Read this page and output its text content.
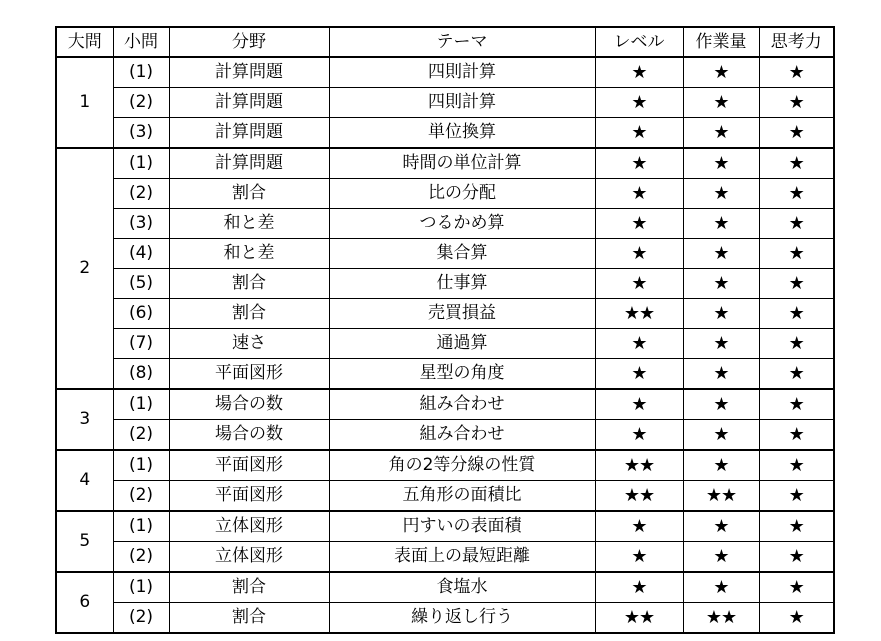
大問	小問	分野	テーマ	レベル	作業量	思考力
1	(1)	計算問題	四則計算	★	★	★
	(2)	計算問題	四則計算	★	★	★
	(3)	計算問題	単位換算	★	★	★
2	(1)	計算問題	時間の単位計算	★	★	★
	(2)	割合	比の分配	★	★	★
	(3)	和と差	つるかめ算	★	★	★
	(4)	和と差	集合算	★	★	★
	(5)	割合	仕事算	★	★	★
	(6)	割合	売買損益	★★	★	★
	(7)	速さ	通過算	★	★	★
	(8)	平面図形	星型の角度	★	★	★
3	(1)	場合の数	組み合わせ	★	★	★
	(2)	場合の数	組み合わせ	★	★	★
4	(1)	平面図形	角の2等分線の性質	★★	★	★
	(2)	平面図形	五角形の面積比	★★	★★	★
5	(1)	立体図形	円すいの表面積	★	★	★
	(2)	立体図形	表面上の最短距離	★	★	★
6	(1)	割合	食塩水	★	★	★
	(2)	割合	繰り返し行う	★★	★★	★
